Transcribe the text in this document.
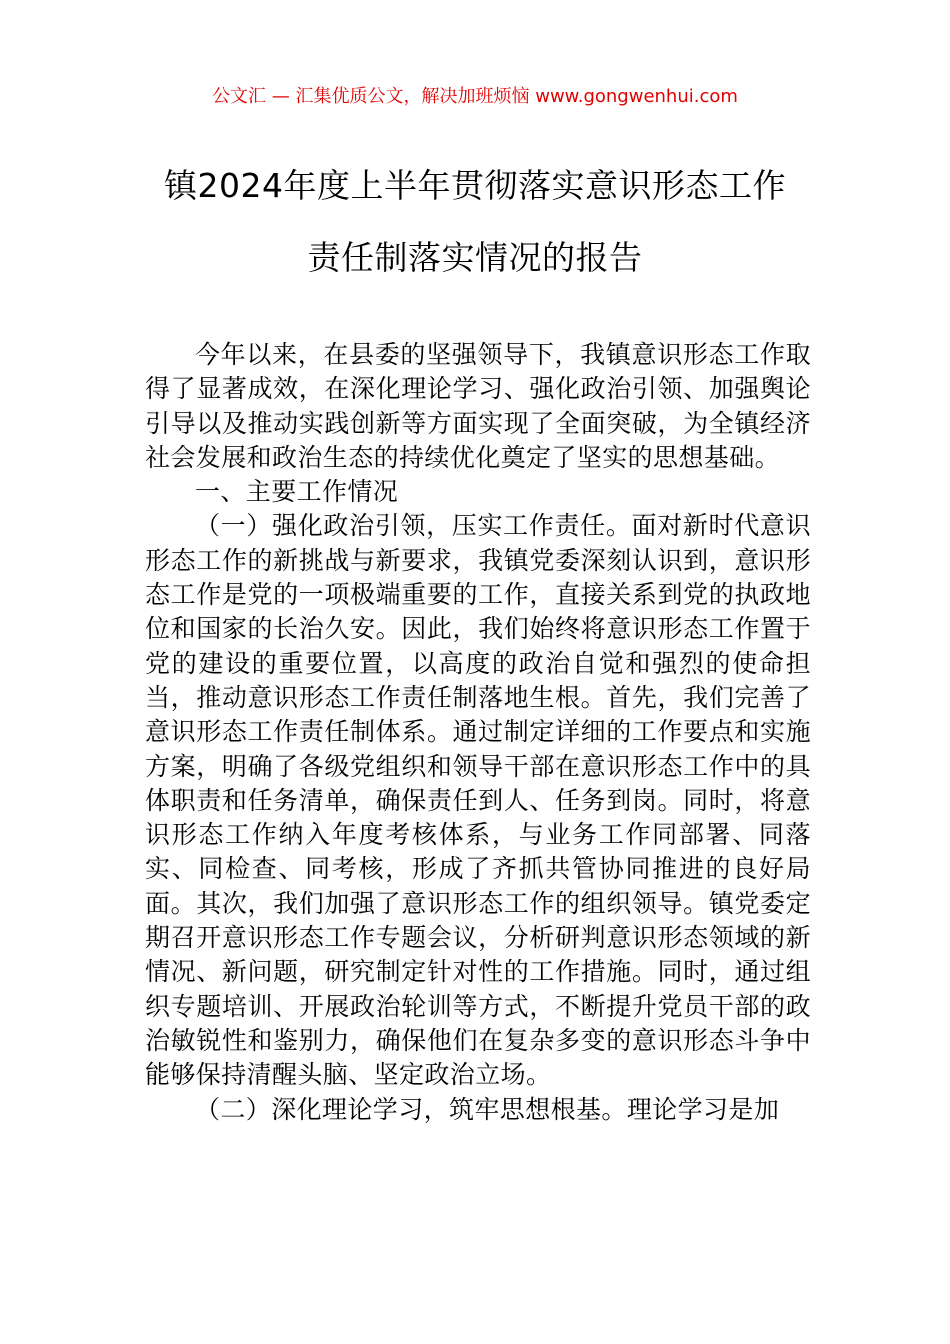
公文汇 — 汇集优质公文，解决加班烦恼 www.gongwenhui.com
镇2024年度上半年贯彻落实意识形态工作
责任制落实情况的报告

今年以来，在县委的坚强领导下，我镇意识形态工作取得了显著成效，在深化理论学习、强化政治引领、加强舆论引导以及推动实践创新等方面实现了全面突破，为全镇经济社会发展和政治生态的持续优化奠定了坚实的思想基础。

一、主要工作情况

（一）强化政治引领，压实工作责任。面对新时代意识形态工作的新挑战与新要求，我镇党委深刻认识到，意识形态工作是党的一项极端重要的工作，直接关系到党的执政地位和国家的长治久安。因此，我们始终将意识形态工作置于党的建设的重要位置，以高度的政治自觉和强烈的使命担当，推动意识形态工作责任制落地生根。首先，我们完善了意识形态工作责任制体系。通过制定详细的工作要点和实施方案，明确了各级党组织和领导干部在意识形态工作中的具体职责和任务清单，确保责任到人、任务到岗。同时，将意识形态工作纳入年度考核体系，与业务工作同部署、同落实、同检查、同考核，形成了齐抓共管协同推进的良好局面。其次，我们加强了意识形态工作的组织领导。镇党委定期召开意识形态工作专题会议，分析研判意识形态领域的新情况、新问题，研究制定针对性的工作措施。同时，通过组织专题培训、开展政治轮训等方式，不断提升党员干部的政治敏锐性和鉴别力，确保他们在复杂多变的意识形态斗争中能够保持清醒头脑、坚定政治立场。

（二）深化理论学习，筑牢思想根基。理论学习是加
